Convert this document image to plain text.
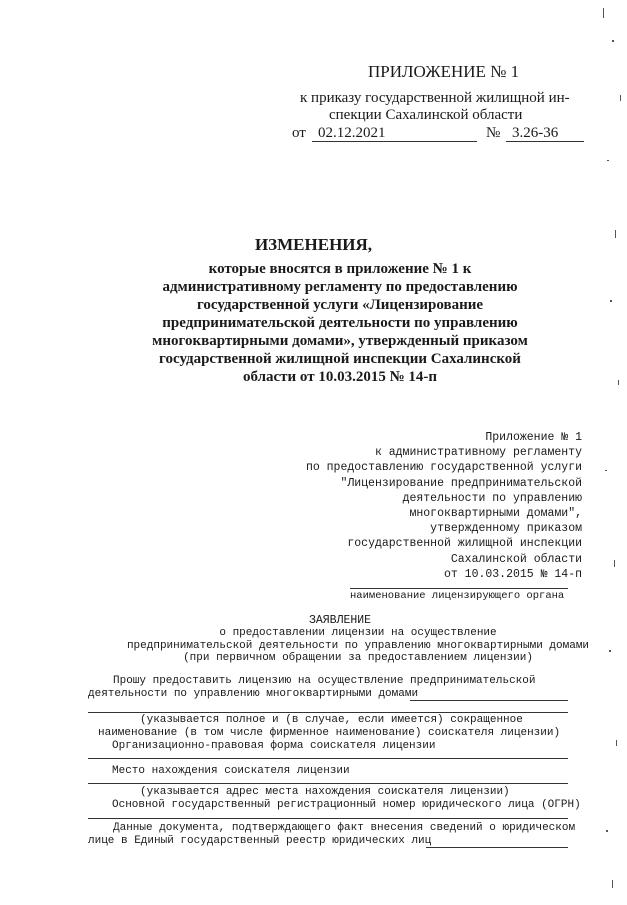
ПРИЛОЖЕНИЕ № 1
к приказу государственной жилищной ин-
спекции Сахалинской области
от 02.12.2021	№ 3.26-36
ИЗМЕНЕНИЯ,
которые вносятся в приложение № 1 к административному регламенту по предоставлению государственной услуги «Лицензирование предпринимательской деятельности по управлению многоквартирными домами», утвержденный приказом государственной жилищной инспекции Сахалинской области от 10.03.2015 № 14-п
Приложение № 1
к административному регламенту
по предоставлению государственной услуги
"Лицензирование предпринимательской
деятельности по управлению
многоквартирными домами",
утвержденному приказом
государственной жилищной инспекции
Сахалинской области
от 10.03.2015 № 14-п
наименование лицензирующего органа
ЗАЯВЛЕНИЕ
о предоставлении лицензии на осуществление
предпринимательской деятельности по управлению многоквартирными домами
(при первичном обращении за предоставлением лицензии)
Прошу предоставить лицензию на осуществление предпринимательской
деятельности по управлению многоквартирными домами
(указывается полное и (в случае, если имеется) сокращенное
наименование (в том числе фирменное наименование) соискателя лицензии)
Организационно-правовая форма соискателя лицензии
Место нахождения соискателя лицензии
(указывается адрес места нахождения соискателя лицензии)
Основной государственный регистрационный номер юридического лица (ОГРН)
Данные документа, подтверждающего факт внесения сведений о юридическом
лице в Единый государственный реестр юридических лиц
